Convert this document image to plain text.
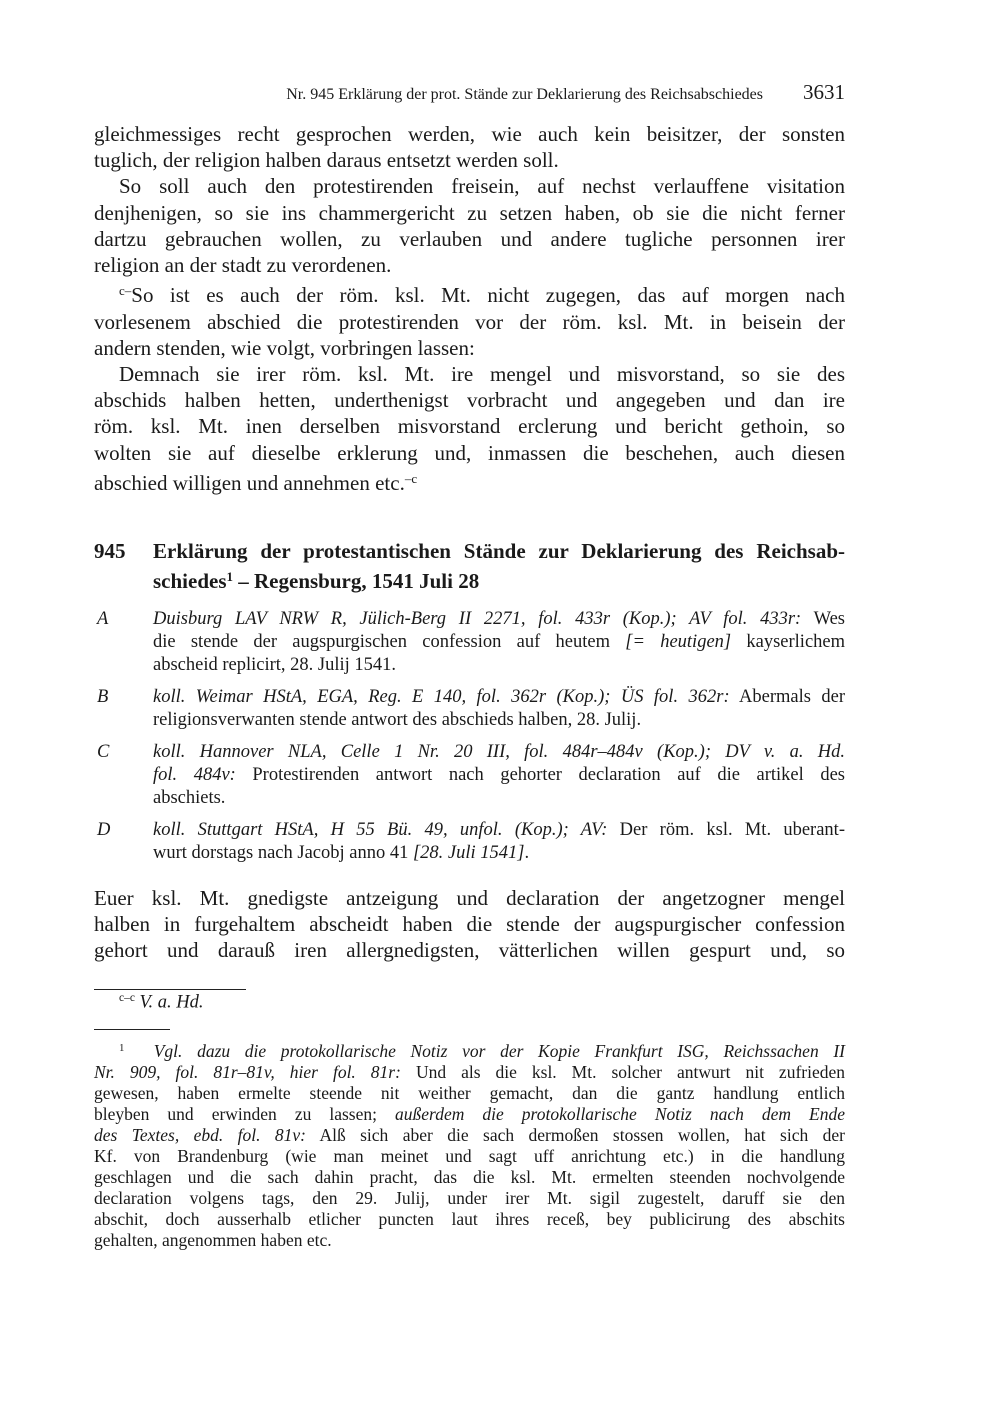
Nr. 945 Erklärung der prot. Stände zur Deklarierung des Reichsabschiedes 3631
gleichmessiges recht gesprochen werden, wie auch kein beisitzer, der sonsten
tuglich, der religion halben daraus entsetzt werden soll.
So soll auch den protestirenden freisein, auf nechst verlauffene visitation
denjhenigen, so sie ins chammergericht zu setzen haben, ob sie die nicht ferner
dartzu gebrauchen wollen, zu verlauben und andere tugliche personnen irer
religion an der stadt zu verordenen.
$^{c-}$So ist es auch der röm. ksl. Mt. nicht zugegen, das auf morgen nach
vorlesenem abschied die protestirenden vor der röm. ksl. Mt. in beisein der
andern stenden, wie volgt, vorbringen lassen:
Demnach sie irer röm. ksl. Mt. ire mengel und misvorstand, so sie des
abschids halben hetten, underthenigst vorbracht und angegeben und dan ire
röm. ksl. Mt. inen derselben misvorstand erclerung und bericht gethoin, so
wolten sie auf dieselbe erklerung und, inmassen die beschehen, auch diesen
abschied willigen und annehmen etc.$^{-c}$
945 Erklärung der protestantischen Stände zur Deklarierung des Reichsab-
schiedes$^1$ – Regensburg, 1541 Juli 28
A Duisburg LAV NRW R, Jülich-Berg II 2271, fol. 433r (Kop.); AV fol. 433r: Wes
die stende der augspurgischen confession auf heutem [= heutigen] kayserlichem
abscheid replicirt, 28. Julij 1541.
B koll. Weimar HStA, EGA, Reg. E 140, fol. 362r (Kop.); ÜS fol. 362r: Abermals der
religionsverwanten stende antwort des abschieds halben, 28. Julij.
C koll. Hannover NLA, Celle 1 Nr. 20 III, fol. 484r–484v (Kop.); DV v. a. Hd.
fol. 484v: Protestirenden antwort nach gehorter declaration auf die artikel des
abschiets.
D koll. Stuttgart HStA, H 55 Bü. 49, unfol. (Kop.); AV: Der röm. ksl. Mt. uberant-
wurt dorstags nach Jacobj anno 41 [28. Juli 1541].
Euer ksl. Mt. gnedigste antzeigung und declaration der angetzogner mengel
halben in furgehaltem abscheidt haben die stende der augspurgischer confession
gehort und darauß iren allergnedigsten, vätterlichen willen gespurt und, so
$^{c-c}$ V. a. Hd.
$^1$ Vgl. dazu die protokollarische Notiz vor der Kopie Frankfurt ISG, Reichssachen II
Nr. 909, fol. 81r–81v, hier fol. 81r: Und als die ksl. Mt. solcher antwurt nit zufrieden
gewesen, haben ermelte steende nit weither gemacht, dan die gantz handlung entlich
bleyben und erwinden zu lassen; außerdem die protokollarische Notiz nach dem Ende
des Textes, ebd. fol. 81v: Alß sich aber die sach dermoßen stossen wollen, hat sich der
Kf. von Brandenburg (wie man meinet und sagt uff anrichtung etc.) in die handlung
geschlagen und die sach dahin pracht, das die ksl. Mt. ermelten steenden nochvolgende
declaration volgens tags, den 29. Julij, under irer Mt. sigil zugestelt, daruff sie den
abschit, doch ausserhalb etlicher puncten laut ihres receß, bey publicirung des abschits
gehalten, angenommen haben etc.
